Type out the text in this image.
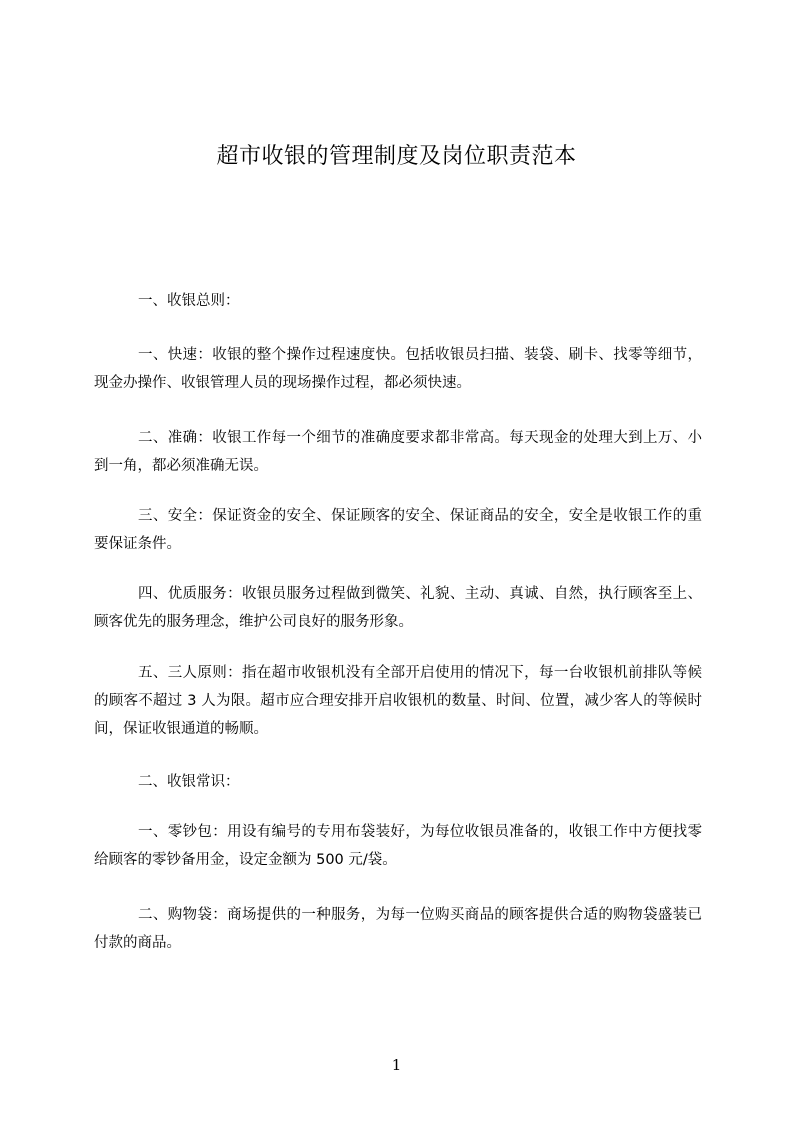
超市收银的管理制度及岗位职责范本
一、收银总则：
一、快速：收银的整个操作过程速度快。包括收银员扫描、装袋、刷卡、找零等细节，现金办操作、收银管理人员的现场操作过程，都必须快速。
二、准确：收银工作每一个细节的准确度要求都非常高。每天现金的处理大到上万、小到一角，都必须准确无误。
三、安全：保证资金的安全、保证顾客的安全、保证商品的安全，安全是收银工作的重要保证条件。
四、优质服务：收银员服务过程做到微笑、礼貌、主动、真诚、自然，执行顾客至上、顾客优先的服务理念，维护公司良好的服务形象。
五、三人原则：指在超市收银机没有全部开启使用的情况下，每一台收银机前排队等候的顾客不超过 3 人为限。超市应合理安排开启收银机的数量、时间、位置，减少客人的等候时间，保证收银通道的畅顺。
二、收银常识：
一、零钞包：用设有编号的专用布袋装好，为每位收银员准备的，收银工作中方便找零给顾客的零钞备用金，设定金额为 500 元/袋。
二、购物袋：商场提供的一种服务，为每一位购买商品的顾客提供合适的购物袋盛装已付款的商品。
1
